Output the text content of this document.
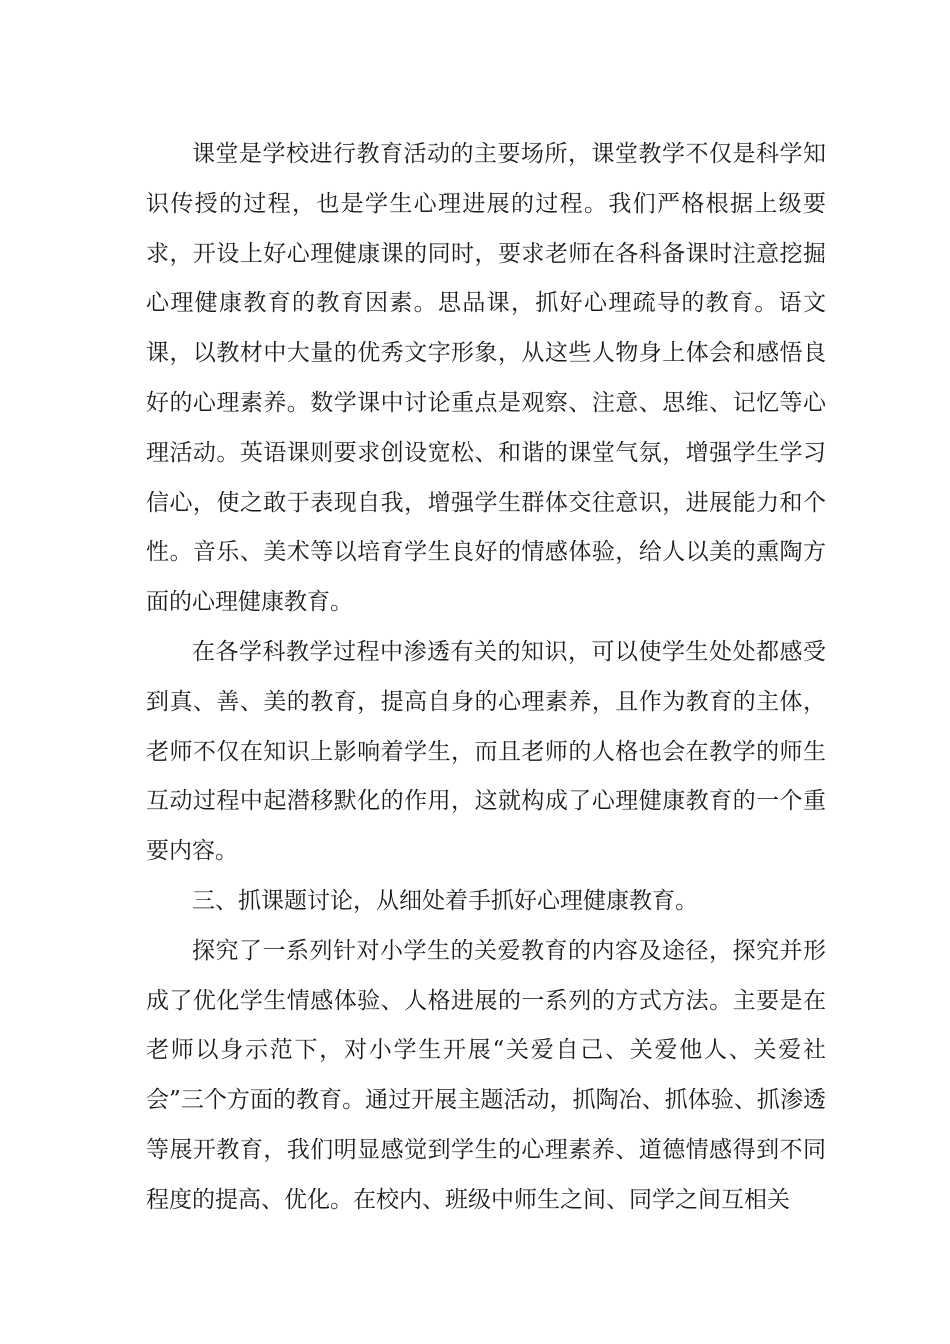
课堂是学校进行教育活动的主要场所，课堂教学不仅是科学知识传授的过程，也是学生心理进展的过程。我们严格根据上级要求，开设上好心理健康课的同时，要求老师在各科备课时注意挖掘心理健康教育的教育因素。思品课，抓好心理疏导的教育。语文课，以教材中大量的优秀文字形象，从这些人物身上体会和感悟良好的心理素养。数学课中讨论重点是观察、注意、思维、记忆等心理活动。英语课则要求创设宽松、和谐的课堂气氛，增强学生学习信心，使之敢于表现自我，增强学生群体交往意识，进展能力和个性。音乐、美术等以培育学生良好的情感体验，给人以美的熏陶方面的心理健康教育。

在各学科教学过程中渗透有关的知识，可以使学生处处都感受到真、善、美的教育，提高自身的心理素养，且作为教育的主体，老师不仅在知识上影响着学生，而且老师的人格也会在教学的师生互动过程中起潜移默化的作用，这就构成了心理健康教育的一个重要内容。

三、抓课题讨论，从细处着手抓好心理健康教育。

探究了一系列针对小学生的关爱教育的内容及途径，探究并形成了优化学生情感体验、人格进展的一系列的方式方法。主要是在老师以身示范下，对小学生开展“关爱自己、关爱他人、关爱社会”三个方面的教育。通过开展主题活动，抓陶冶、抓体验、抓渗透等展开教育，我们明显感觉到学生的心理素养、道德情感得到不同程度的提高、优化。在校内、班级中师生之间、同学之间互相关
